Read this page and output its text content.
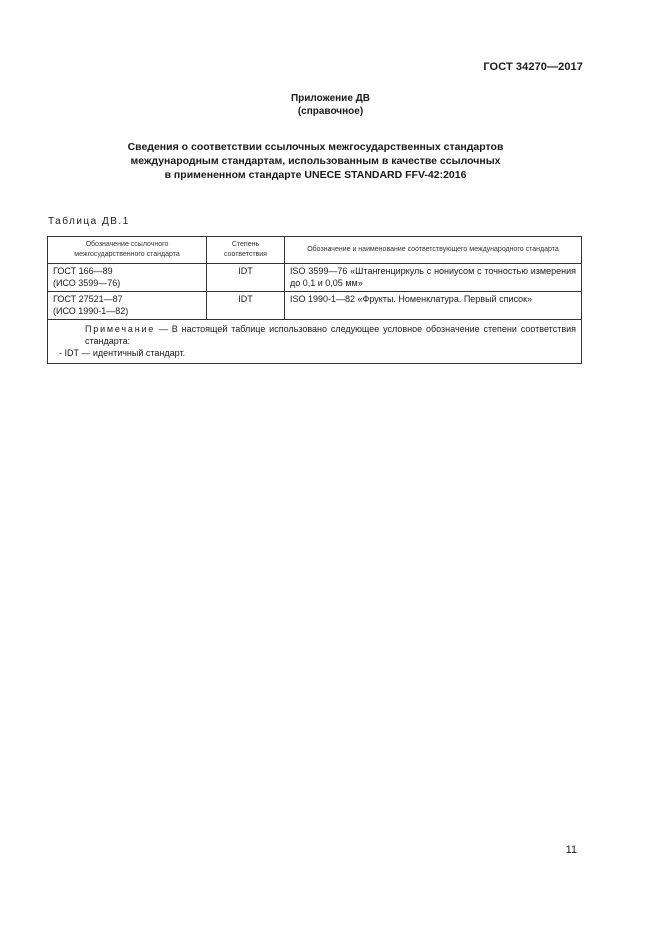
ГОСТ 34270—2017
Приложение ДВ
(справочное)
Сведения о соответствии ссылочных межгосударственных стандартов
международным стандартам, использованным в качестве ссылочных
в примененном стандарте UNECE STANDARD FFV-42:2016
Таблица ДВ.1
Обозначение ссылочного межгосударственного стандарта	Степень соответствия	Обозначение и наименование соответствующего международного стандарта

ГОСТ 166—89
(ИСО 3599—76)	IDT	ISO 3599—76 «Штангенциркуль с нониусом с точностью измерения до 0,1 и 0,05 мм»

ГОСТ 27521—87
(ИСО 1990-1—82)	IDT	ISO 1990-1—82 «Фрукты. Номенклатура. Первый список»

Примечание — В настоящей таблице использовано следующее условное обозначение степени соответствия стандарта:
- IDT — идентичный стандарт.		
11
